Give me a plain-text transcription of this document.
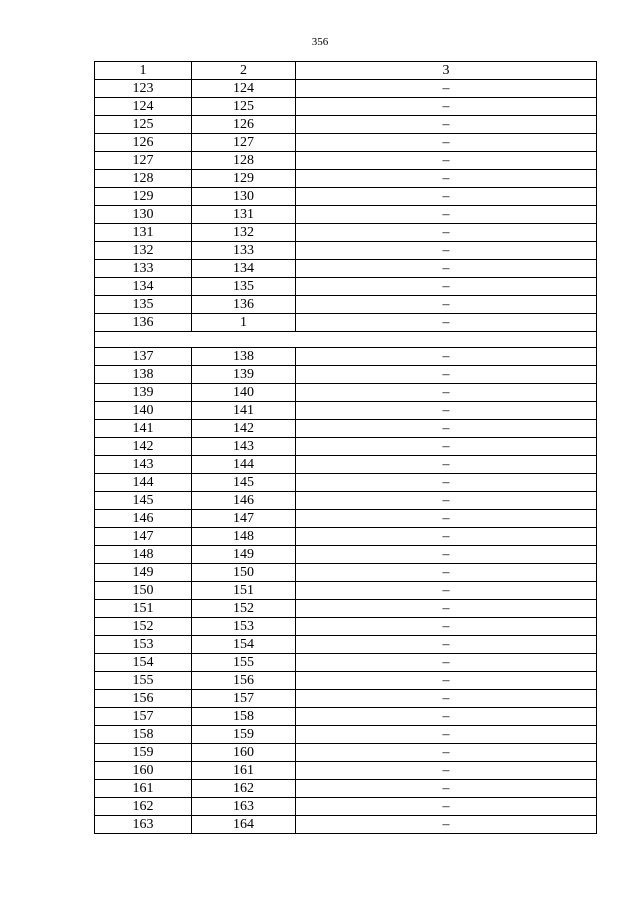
356
1	2	3
123	124	–
124	125	–
125	126	–
126	127	–
127	128	–
128	129	–
129	130	–
130	131	–
131	132	–
132	133	–
133	134	–
134	135	–
135	136	–
136	1	–

137	138	–
138	139	–
139	140	–
140	141	–
141	142	–
142	143	–
143	144	–
144	145	–
145	146	–
146	147	–
147	148	–
148	149	–
149	150	–
150	151	–
151	152	–
152	153	–
153	154	–
154	155	–
155	156	–
156	157	–
157	158	–
158	159	–
159	160	–
160	161	–
161	162	–
162	163	–
163	164	–
